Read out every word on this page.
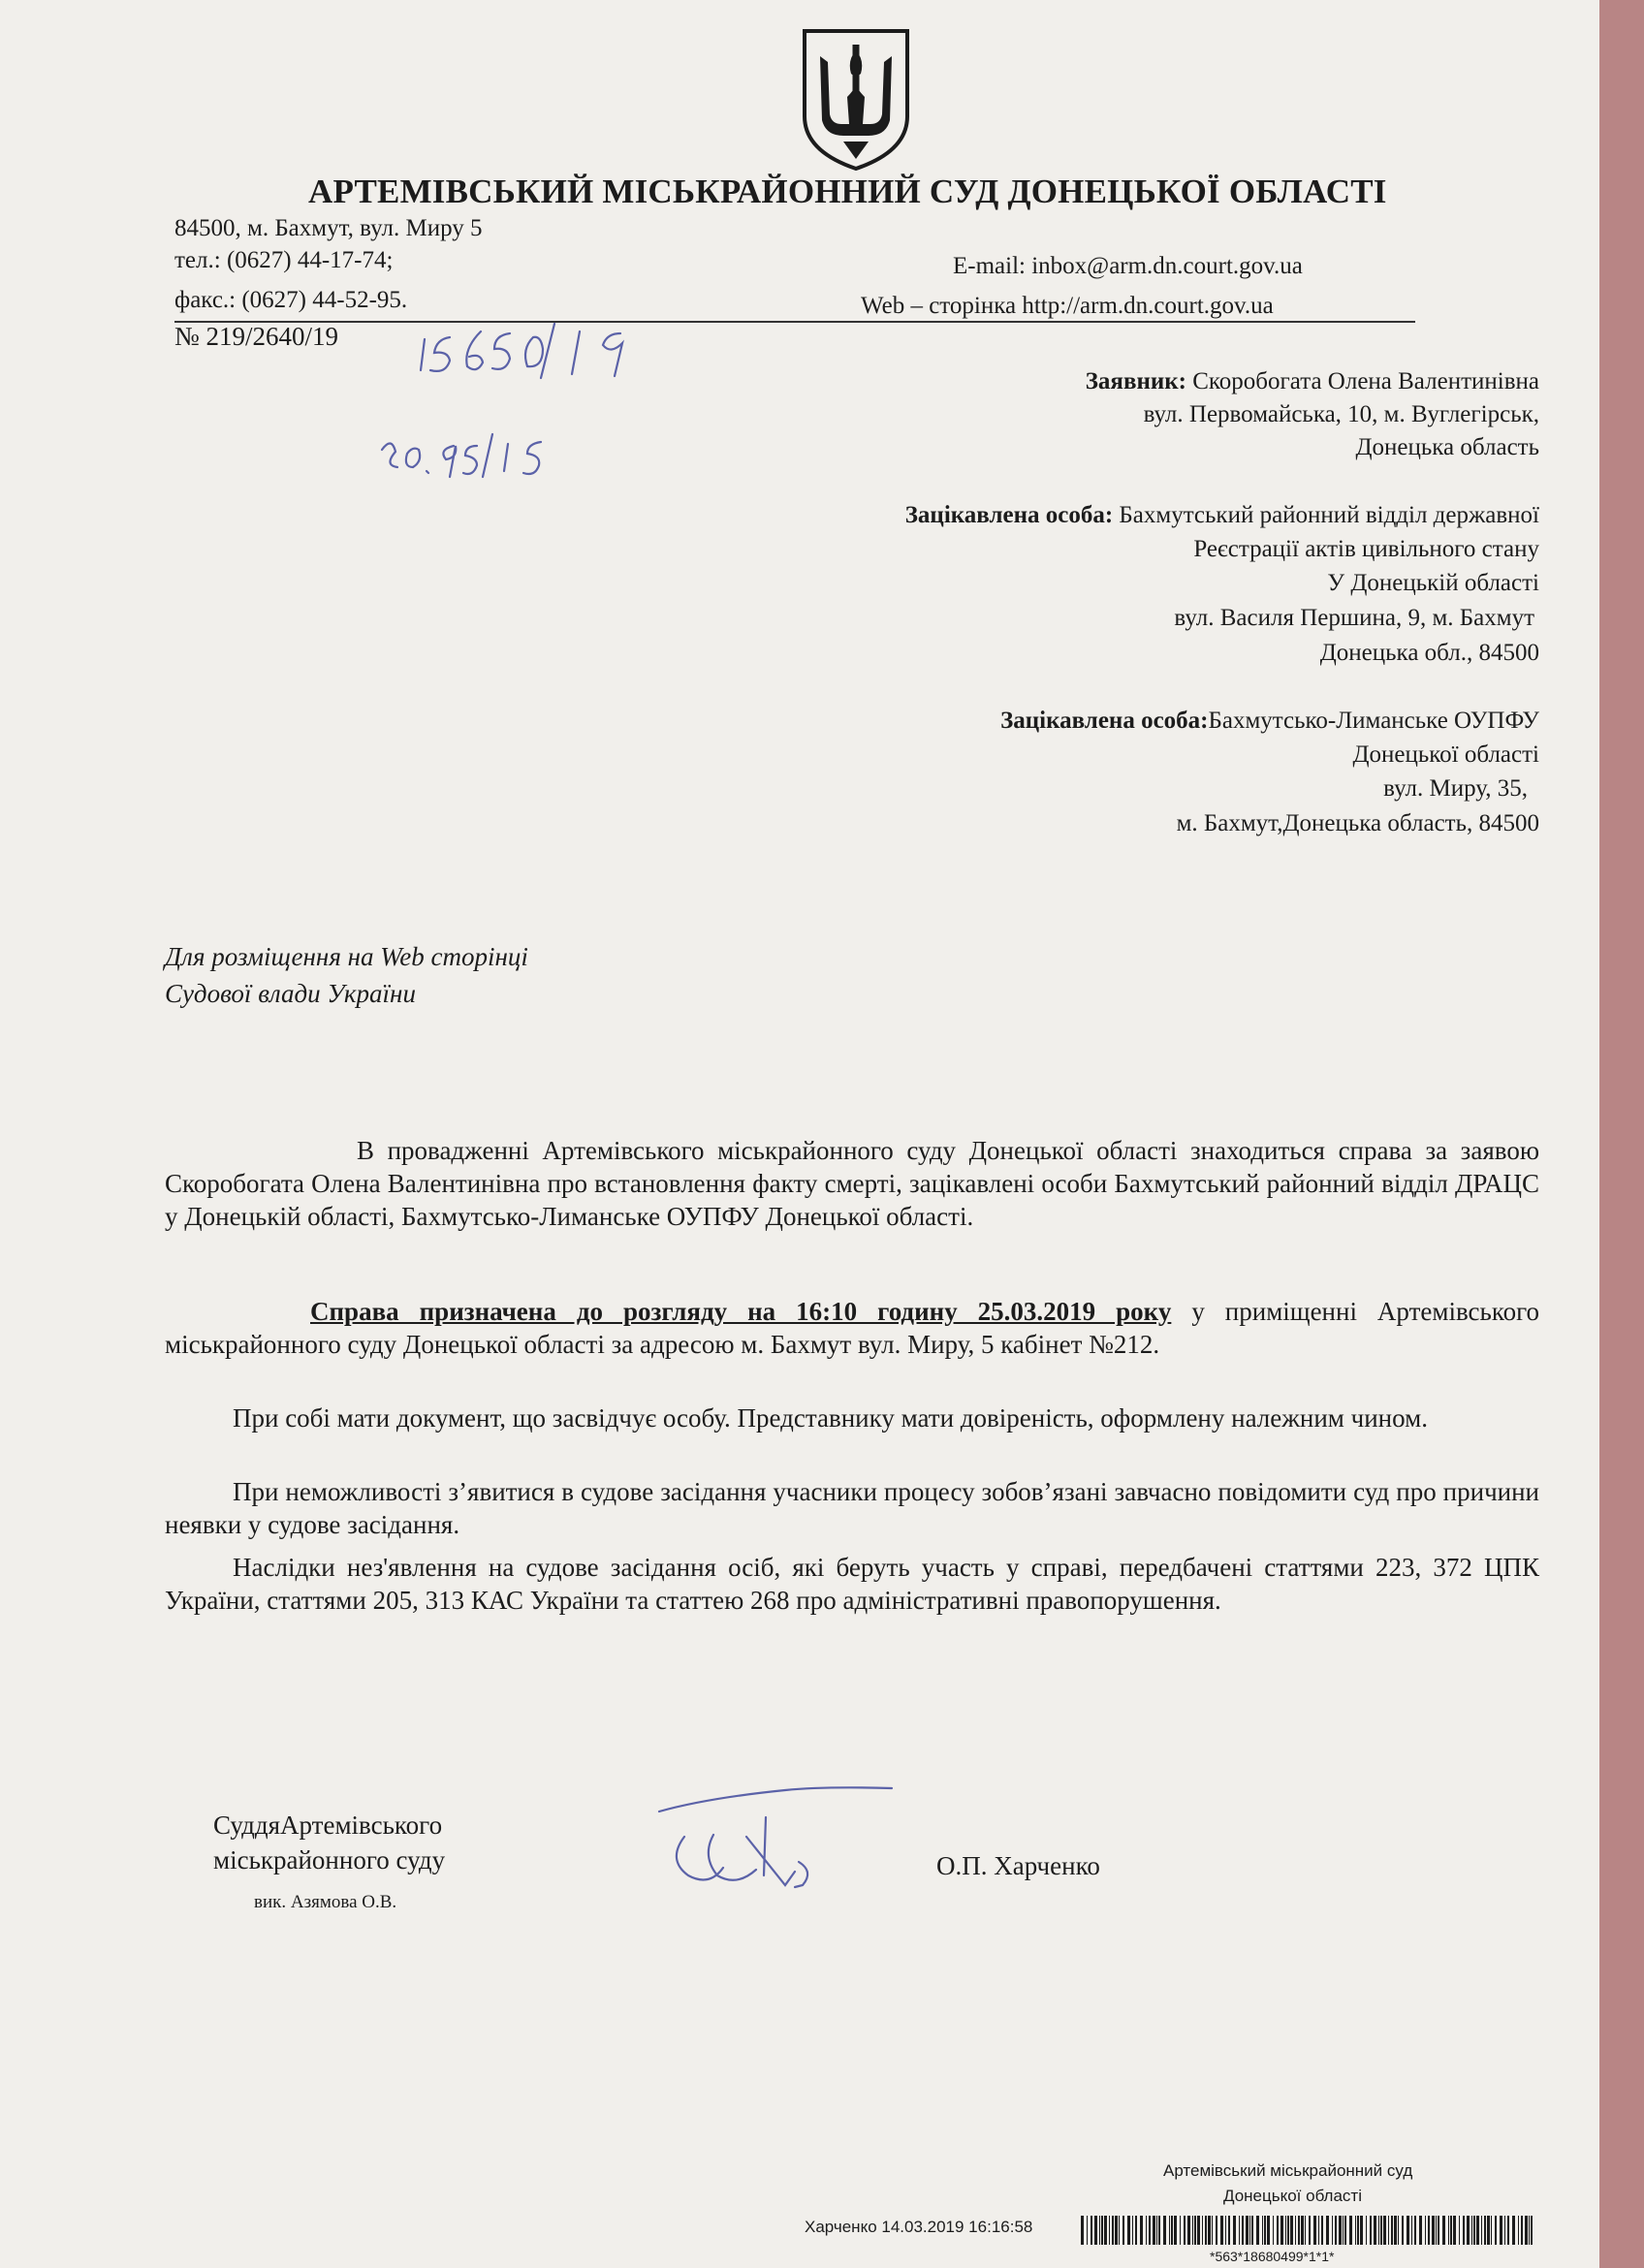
АРТЕМІВСЬКИЙ МІСЬКРАЙОННИЙ СУД ДОНЕЦЬКОЇ ОБЛАСТІ
84500, м. Бахмут, вул. Миру 5
тел.: (0627) 44-17-74;
факс.: (0627) 44-52-95.
E-mail: inbox@arm.dn.court.gov.ua
Web – сторінка http://arm.dn.court.gov.ua
№ 219/2640/19
Заявник: Скоробогата Олена Валентинівна
вул. Первомайська, 10, м. Вуглегірськ,
Донецька область
Зацікавлена особа: Бахмутський районний відділ державної
Реєстрації актів цивільного стану
У Донецькій області
вул. Василя Першина, 9, м. Бахмут
Донецька обл., 84500
Зацікавлена особа:Бахмутсько-Лиманське ОУПФУ
Донецької області
вул. Миру, 35,
м. Бахмут,Донецька область, 84500
Для розміщення на Web сторінці
Судової влади України
В провадженні Артемівського міськрайонного суду Донецької області знаходиться справа за заявою Скоробогата Олена Валентинівна про встановлення факту смерті, зацікавлені особи Бахмутський районний відділ ДРАЦС у Донецькій області, Бахмутсько-Лиманське ОУПФУ Донецької області.
Справа призначена до розгляду на 16:10 годину 25.03.2019 року у приміщенні Артемівського міськрайонного суду Донецької області за адресою м. Бахмут вул. Миру, 5 кабінет №212.
При собі мати документ, що засвідчує особу. Представнику мати довіреність, оформлену належним чином.
При неможливості з’явитися в судове засідання учасники процесу зобов’язані завчасно повідомити суд про причини неявки у судове засідання.
Наслідки нез'явлення на судове засідання осіб, які беруть участь у справі, передбачені статтями 223, 372 ЦПК України, статтями 205, 313 КАС України та статтею 268 про адміністративні правопорушення.
СуддяАртемівського
міськрайонного суду
вик. Азямова О.В.
О.П. Харченко
Артемівський міськрайонний суд
Донецької області
Харченко 14.03.2019 16:16:58
*563*18680499*1*1*
